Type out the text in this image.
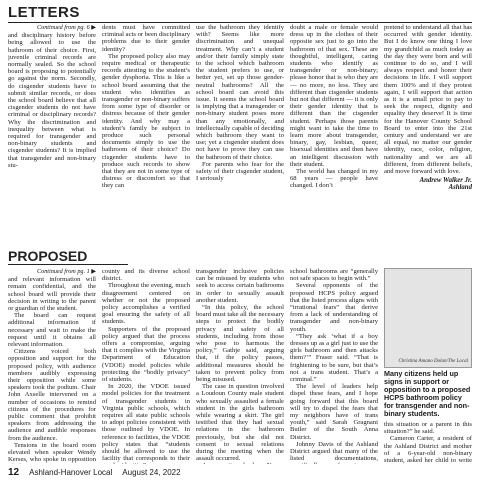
LETTERS
Continued from pg. 6 ▶

and disciplinary history before being allowed to use the bathroom of their choice. First, juvenile criminal records are normally sealed. So the school board is proposing to potentially go against the norm. Secondly, do cisgender students have to submit similar records, or does the school board believe that all cisgender students do not have criminal or disciplinary records? Why the discrimination and inequality between what is required for transgender and non-binary students and cisgender students? It is implied that transgender and non-binary stu-

dents must have committed criminal acts or been disciplinary problems due to their gender identity?

The proposed policy also may require medical or therapeutic records attesting to the student’s gender dysphoria. This is like a school board assuming that the student who identifies as transgender or non-binary suffers from some type of disorder or distress because of their gender identity. And why may a student’s family be subject to produce such personal documents simply to use the bathroom of their choice? Do cisgender students have to produce such records to show that they are not in some type of distress or discomfort so that they can

use the bathroom they identify with? Seems like more discrimination and unequal treatment. Why can’t a student and/or their family simply state to the school which bathroom the student prefers to use, or better yet, set up those gender-neutral bathrooms? All the school board can avoid this issue. It seems the school board is implying that a transgender or non-binary student poses more than any emotionally, and intellectually capable of deciding which bathroom they want to use; yet a cisgender student does not have to prove they can use the bathroom of their choice.

For parents who fear for the safety of their cisgender student, I seriously

doubt a male or female would dress up in the clothes of their opposite sex just to go into the bathroom of that sex. These are thoughtful, intelligent, caring students who identify as transgender or non-binary; please honor that is who they are — no more, no less. They are different than cisgender students but not that different — it is only their gender identity that is different than the cisgender student. Perhaps those parents might want to take the time to learn more about transgender, binary, gay, lesbian, queer, bisexual identities and then have an intelligent discussion with their student.

The world has changed in my 68 years — people have changed. I don’t

pretend to understand all that has occurred with gender identity. But I do know one thing I love my grandchild as much today as the day they were born and will continue to do so, and I will always respect and honor their decisions in life. I will support them 100% and if they protest again, I will support that action as it is a small price to pay to seek the respect, dignity and equality they deserve! It is time for the Hanover County School Board to enter into the 21st century and understand we are all equal, no matter our gender identity, race, color, religion, nationality and we are all different, from different beliefs, and move forward with love.

Andrew Walker Jr.
Ashland
PROPOSED
Continued from pg. 1 ▶

and relevant information will remain confidential, and the school board will provide their decision in writing to the parent or guardian of the student.

The board can request additional information if necessary and wait to make the request until it obtains all relevant information.

Citizens voiced both opposition and support for the proposed policy, with audience members audibly expressing their opposition while some speakers took the podium. Chair John Axselle intervened on a number of occasions to remind citizens of the procedures for public comment that prohibit speakers from addressing the audience and audible responses from the audience.

Tensions in the board room elevated when speaker Wendy Kerses, who spoke in opposition

county and its diverse school district.

Throughout the evening, much disagreement centered on whether or not the proposed policy accomplishes a verified goal ensuring the safety of all students.

Supporters of the proposed policy argued that the process offers a compromise, arguing that it complies with the Virginia Department of Education (VDOE) model policies while protecting the “bodily privacy” of students.

In 2020, the VDOE issued model policies for the treatment of transgender students in Virginia public schools, which requires all state public schools to adopt policies consistent with those outlined by VDOE. In reference to facilities, the VDOE policy states that “students should be allowed to use the facility that corresponds to their

transgender inclusive policies can be misused by students who seek to access certain bathrooms in order to sexually assault another student.

“In this policy, the school board must take all the necessary steps to protect the bodily privacy and safety of all students, including from those who pose to harmous the policy,” Gathje said, arguing that, if the policy passes, additional measures should be taken to prevent policy from being misused.

The case in question involved a Loudoun County male student who sexually assaulted a female student in the girls bathroom while wearing a skirt. The girl testified that they had sexual relations in the bathroom previously, but she did not consent to sexual relations during the meeting when the assault occurred.

school bathrooms are “generally not safe spaces to begin with.”

Several opponents of the proposed HCPS policy argued that the listed process aligns with “irrational fears” that derive from a lack of understanding of transgender and non-binary youth.

“They ask ‘what if a boy dresses up as a girl just to use the girls bathroom and then attacks them?’” Fraser said. “That is frightening to be sure, but that’s not a trans student. That’s a criminal.”

The level of leaders help dispel these fears, and I hope going forward that this board will try to dispel the fears that my neighbors have of trans youth,” said Sarah Gragnani Butler of the South Anna District.

Johnny Davis of the Ashland District argued that many of the listed documentations,

Christina Amano Dolan/The Local
Many citizens held up signs in support or opposition to a proposed HCPS bathroom policy for transgender and non-binary students.

this situation or a parent in this situation?” he said.

Cameron Carter, a resident of the Ashland District and mother of a 6-year-old non-binary student, asked her child to write

12 Ashland-Hanover Local August 24, 2022
